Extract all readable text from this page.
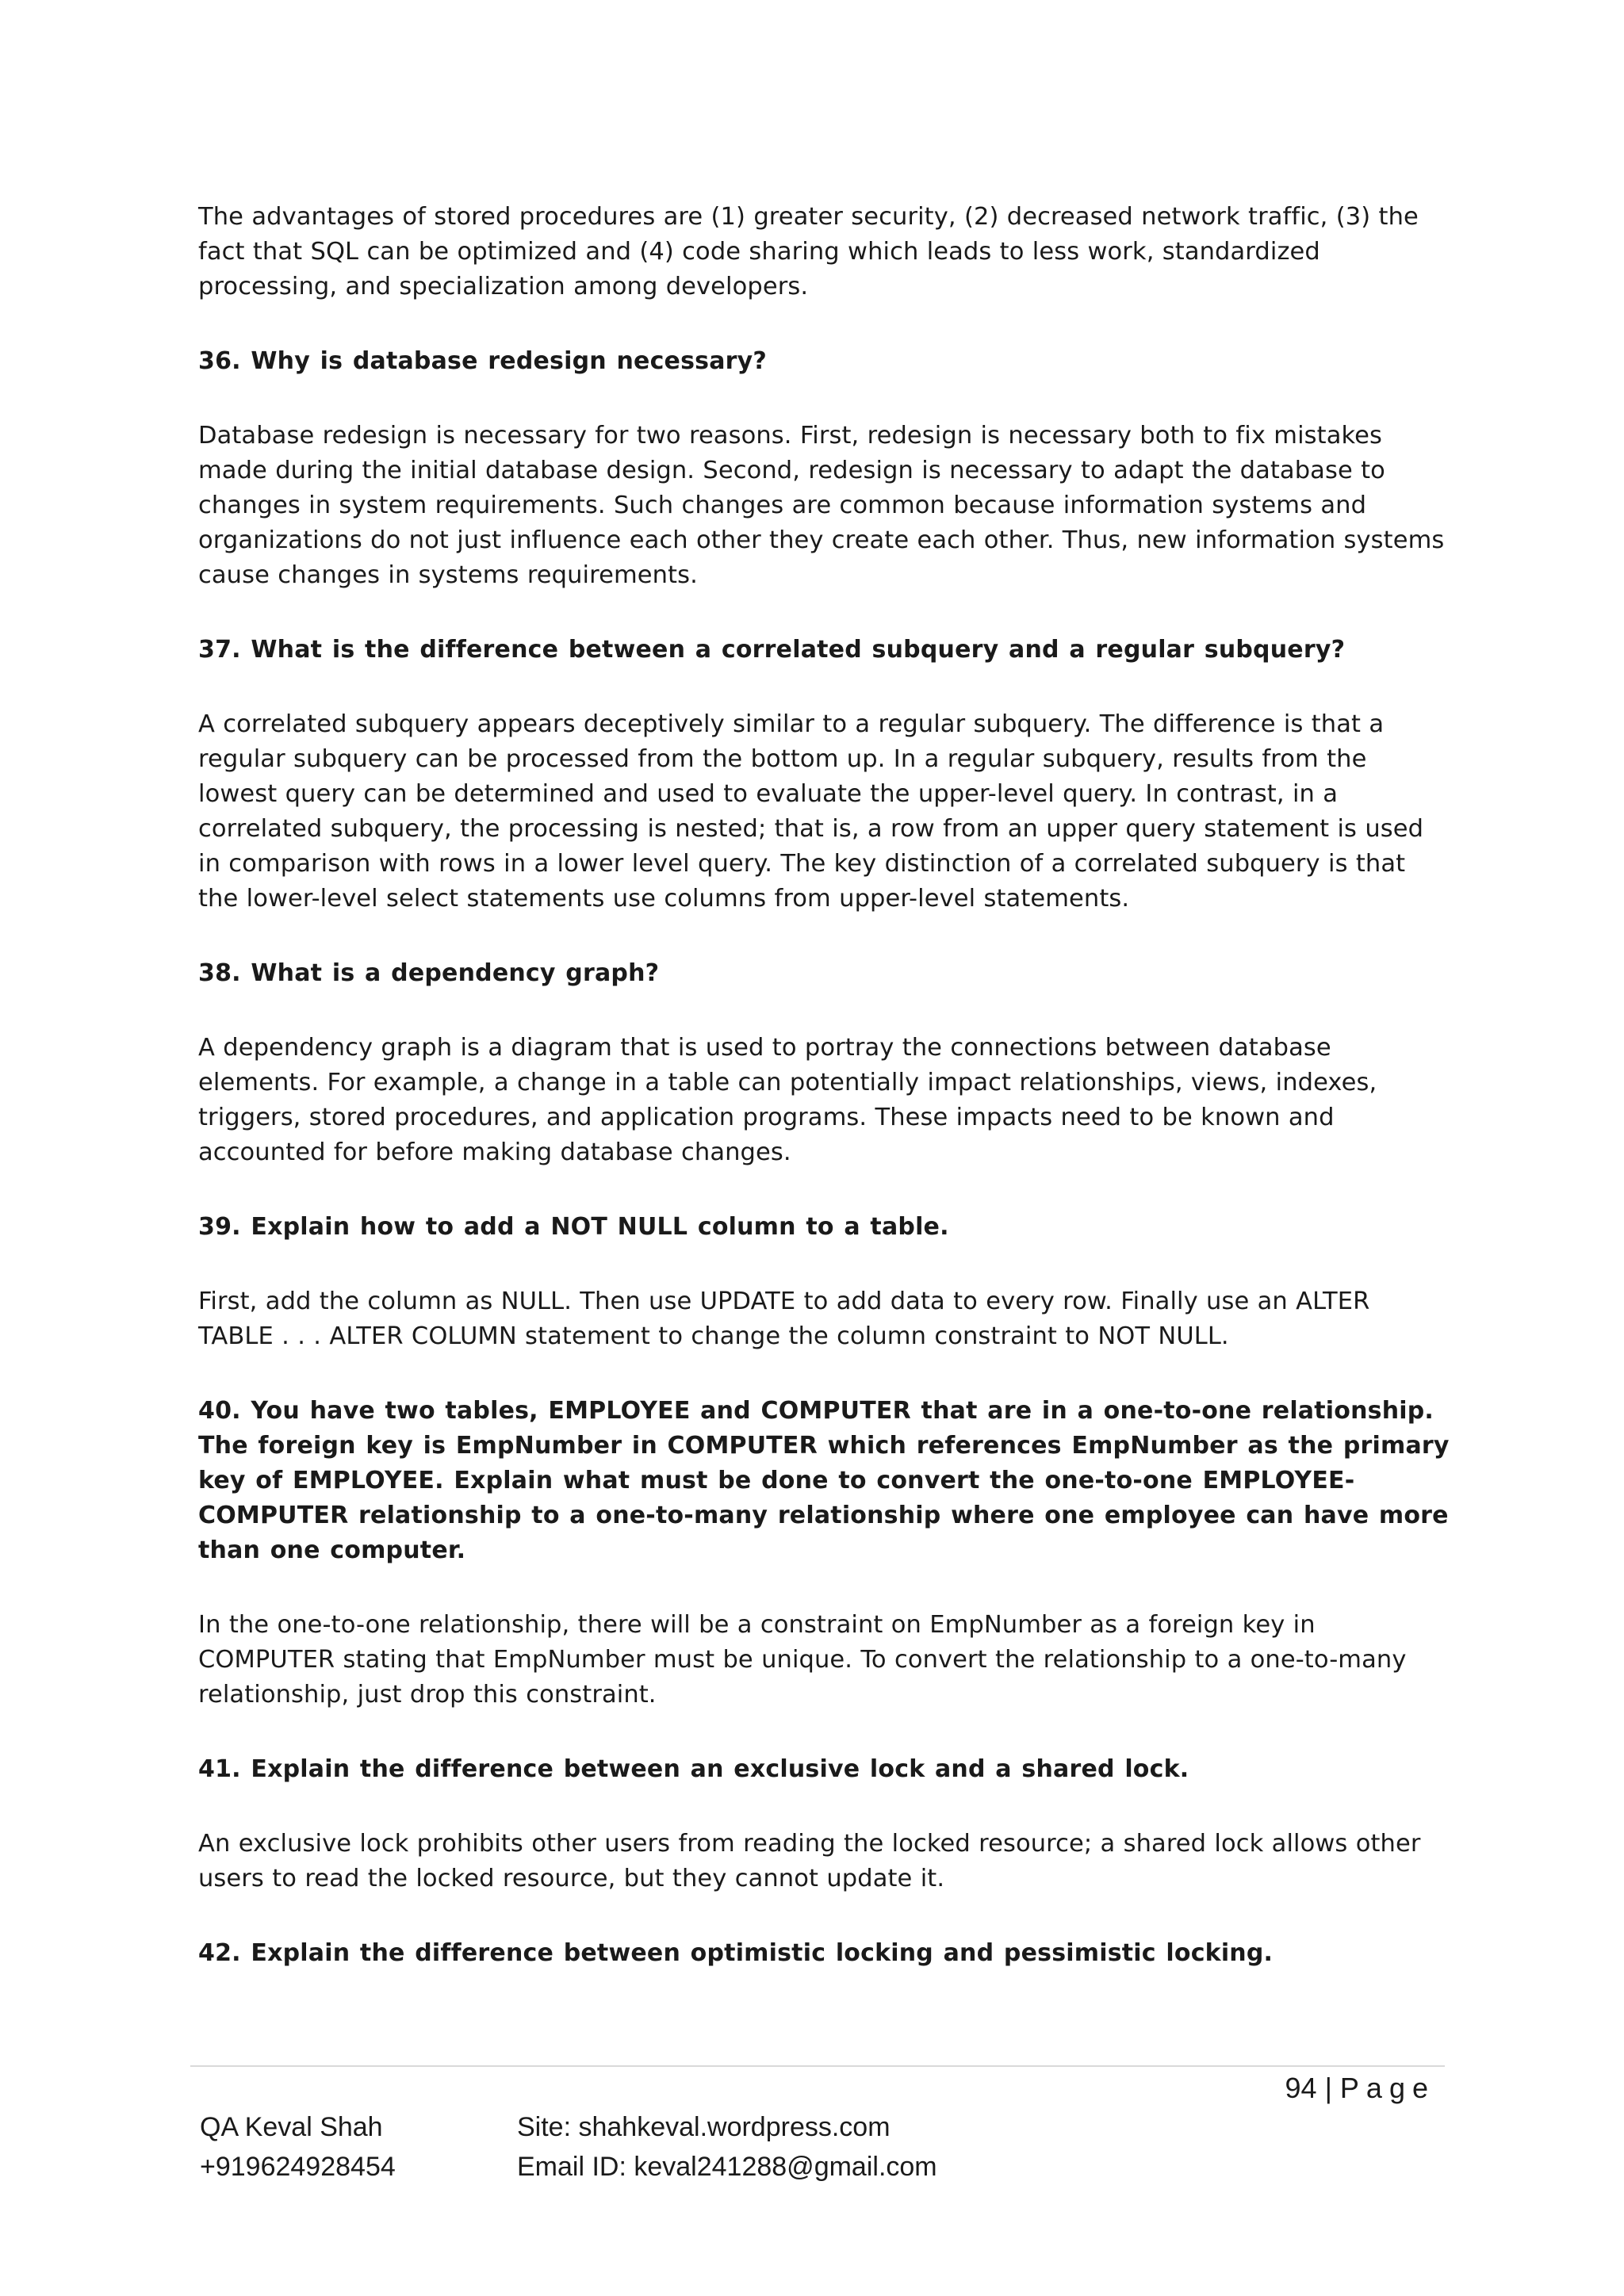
The advantages of stored procedures are (1) greater security, (2) decreased network traffic, (3) the fact that SQL can be optimized and (4) code sharing which leads to less work, standardized processing, and specialization among developers.

36. Why is database redesign necessary?

Database redesign is necessary for two reasons. First, redesign is necessary both to fix mistakes made during the initial database design. Second, redesign is necessary to adapt the database to changes in system requirements. Such changes are common because information systems and organizations do not just influence each other they create each other. Thus, new information systems cause changes in systems requirements.

37. What is the difference between a correlated subquery and a regular subquery?

A correlated subquery appears deceptively similar to a regular subquery. The difference is that a regular subquery can be processed from the bottom up. In a regular subquery, results from the lowest query can be determined and used to evaluate the upper-level query. In contrast, in a correlated subquery, the processing is nested; that is, a row from an upper query statement is used in comparison with rows in a lower level query. The key distinction of a correlated subquery is that the lower-level select statements use columns from upper-level statements.

38. What is a dependency graph?

A dependency graph is a diagram that is used to portray the connections between database elements. For example, a change in a table can potentially impact relationships, views, indexes, triggers, stored procedures, and application programs. These impacts need to be known and accounted for before making database changes.

39. Explain how to add a NOT NULL column to a table.

First, add the column as NULL. Then use UPDATE to add data to every row. Finally use an ALTER TABLE . . . ALTER COLUMN statement to change the column constraint to NOT NULL.

40. You have two tables, EMPLOYEE and COMPUTER that are in a one-to-one relationship. The foreign key is EmpNumber in COMPUTER which references EmpNumber as the primary key of EMPLOYEE. Explain what must be done to convert the one-to-one EMPLOYEE-COMPUTER relationship to a one-to-many relationship where one employee can have more than one computer.

In the one-to-one relationship, there will be a constraint on EmpNumber as a foreign key in COMPUTER stating that EmpNumber must be unique. To convert the relationship to a one-to-many relationship, just drop this constraint.

41. Explain the difference between an exclusive lock and a shared lock.

An exclusive lock prohibits other users from reading the locked resource; a shared lock allows other users to read the locked resource, but they cannot update it.

42. Explain the difference between optimistic locking and pessimistic locking.

94 | Page
QA Keval Shah
+919624928454
Site: shahkeval.wordpress.com
Email ID: keval241288@gmail.com
